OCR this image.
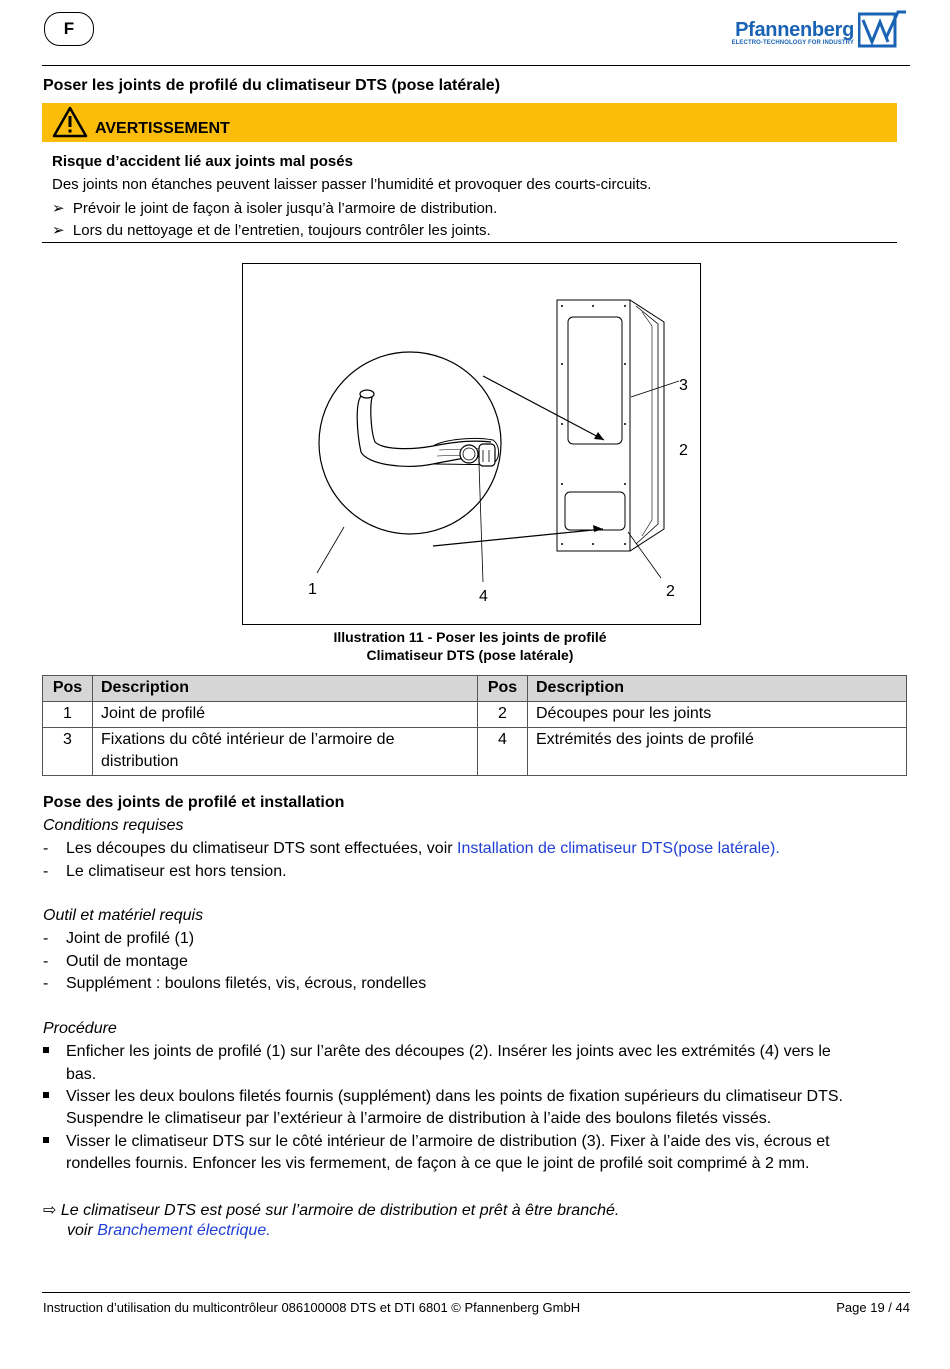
F	Pfannenberg
ELECTRO-TECHNOLOGY FOR INDUSTRY
Poser les joints de profilé du climatiseur DTS (pose latérale)
AVERTISSEMENT
Risque d’accident lié aux joints mal posés
Des joints non étanches peuvent laisser passer l’humidité et provoquer des courts-circuits.
➢ Prévoir le joint de façon à isoler jusqu’à l’armoire de distribution.
➢ Lors du nettoyage et de l’entretien, toujours contrôler les joints.
3
2
2
1	4
Illustration 11 - Poser les joints de profilé
Climatiseur DTS (pose latérale)
Pos	Description	Pos	Description
1	Joint de profilé	2	Découpes pour les joints
3	Fixations du côté intérieur de l’armoire de distribution	4	Extrémités des joints de profilé
Pose des joints de profilé et installation
Conditions requises
- Les découpes du climatiseur DTS sont effectuées, voir Installation de climatiseur DTS(pose latérale).
- Le climatiseur est hors tension.
Outil et matériel requis
- Joint de profilé (1)
- Outil de montage
- Supplément : boulons filetés, vis, écrous, rondelles
Procédure
Enficher les joints de profilé (1) sur l’arête des découpes (2). Insérer les joints avec les extrémités (4) vers le
bas.
Visser les deux boulons filetés fournis (supplément) dans les points de fixation supérieurs du climatiseur DTS.
Suspendre le climatiseur par l’extérieur à l’armoire de distribution à l’aide des boulons filetés vissés.
Visser le climatiseur DTS sur le côté intérieur de l’armoire de distribution (3). Fixer à l’aide des vis, écrous et
rondelles fournis. Enfoncer les vis fermement, de façon à ce que le joint de profilé soit comprimé à 2 mm.
⇨ Le climatiseur DTS est posé sur l’armoire de distribution et prêt à être branché.
voir Branchement électrique.
Instruction d’utilisation du multicontrôleur 086100008 DTS et DTI 6801 © Pfannenberg GmbH	Page 19 / 44
